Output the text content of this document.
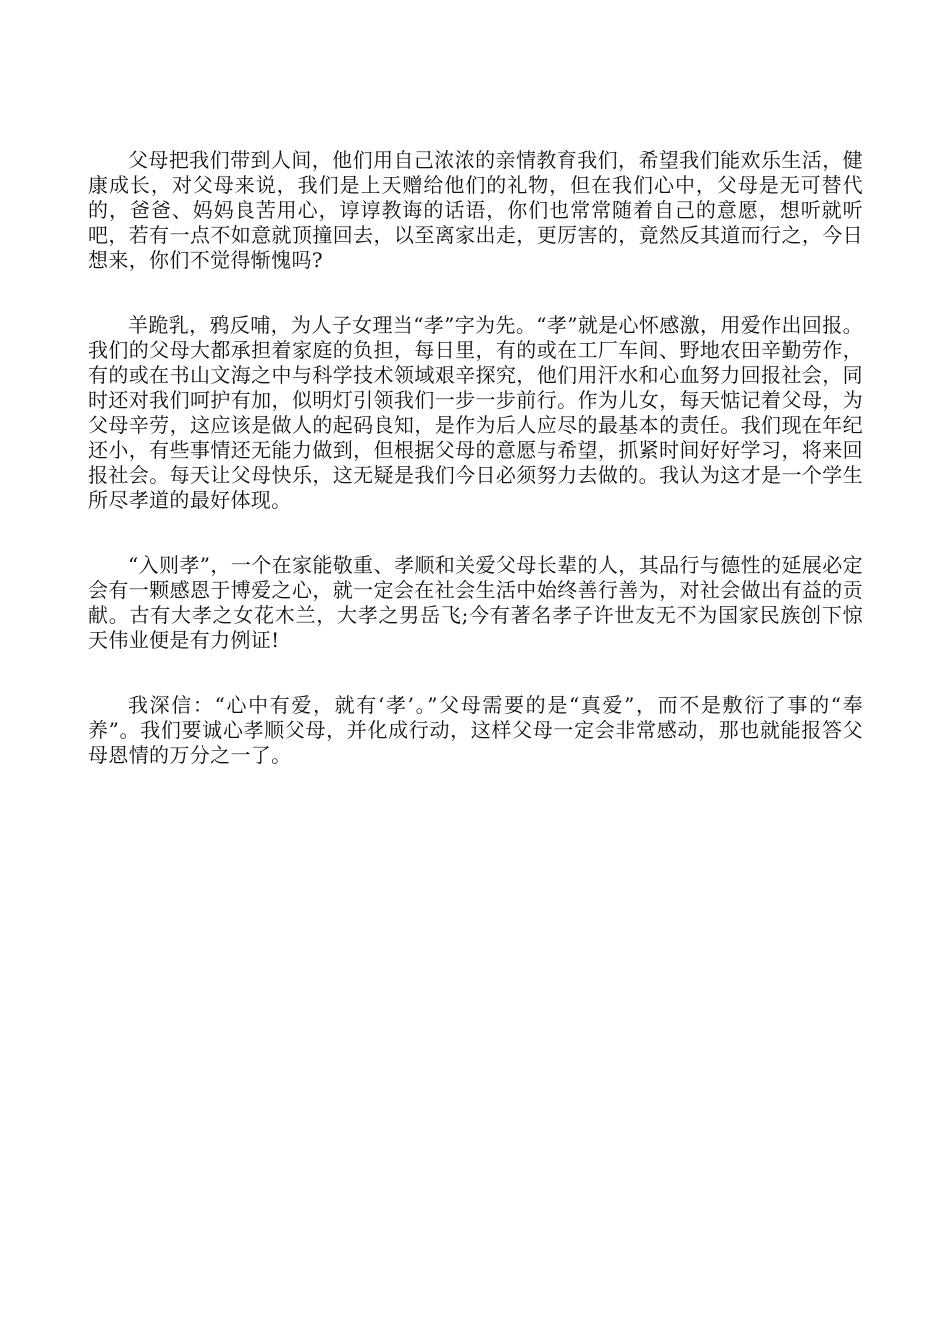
父母把我们带到人间，他们用自己浓浓的亲情教育我们，希望我们能欢乐生活，健康成长，对父母来说，我们是上天赠给他们的礼物，但在我们心中，父母是无可替代的，爸爸、妈妈良苦用心，谆谆教诲的话语，你们也常常随着自己的意愿，想听就听吧，若有一点不如意就顶撞回去，以至离家出走，更厉害的，竟然反其道而行之，今日想来，你们不觉得惭愧吗?

羊跪乳，鸦反哺，为人子女理当“孝”字为先。“孝”就是心怀感激，用爱作出回报。我们的父母大都承担着家庭的负担，每日里，有的或在工厂车间、野地农田辛勤劳作，有的或在书山文海之中与科学技术领域艰辛探究，他们用汗水和心血努力回报社会，同时还对我们呵护有加，似明灯引领我们一步一步前行。作为儿女，每天惦记着父母，为父母辛劳，这应该是做人的起码良知，是作为后人应尽的最基本的责任。我们现在年纪还小，有些事情还无能力做到，但根据父母的意愿与希望，抓紧时间好好学习，将来回报社会。每天让父母快乐，这无疑是我们今日必须努力去做的。我认为这才是一个学生所尽孝道的最好体现。

“入则孝”，一个在家能敬重、孝顺和关爱父母长辈的人，其品行与德性的延展必定会有一颗感恩于博爱之心，就一定会在社会生活中始终善行善为，对社会做出有益的贡献。古有大孝之女花木兰，大孝之男岳飞;今有著名孝子许世友无不为国家民族创下惊天伟业便是有力例证!

我深信：“心中有爱，就有‘孝’。”父母需要的是“真爱”，而不是敷衍了事的“奉养”。我们要诚心孝顺父母，并化成行动，这样父母一定会非常感动，那也就能报答父母恩情的万分之一了。
